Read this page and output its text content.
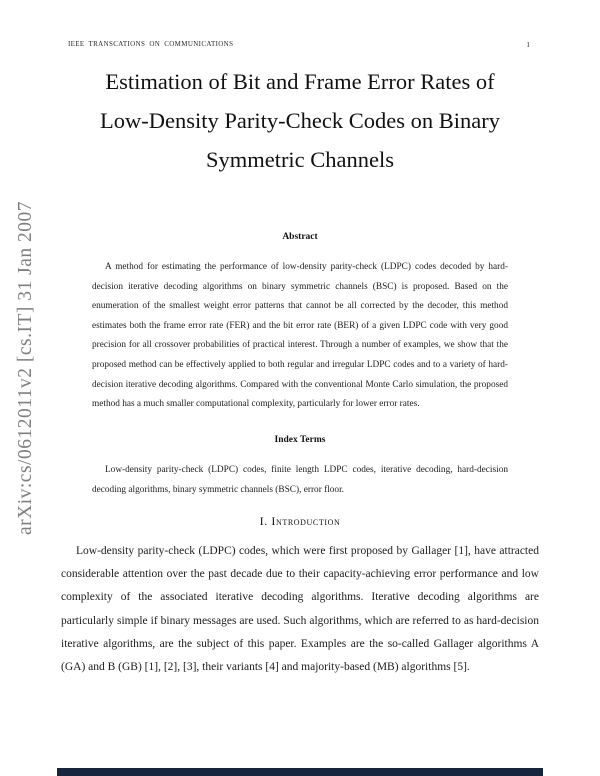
IEEE TRANSCATIONS ON COMMUNICATIONS	1
Estimation of Bit and Frame Error Rates of
Low-Density Parity-Check Codes on Binary
Symmetric Channels
arXiv:cs/0612011v2 [cs.IT] 31 Jan 2007	Abstract
A method for estimating the performance of low-density parity-check (LDPC) codes decoded by hard-decision iterative decoding algorithms on binary symmetric channels (BSC) is proposed. Based on the enumeration of the smallest weight error patterns that cannot be all corrected by the decoder, this method estimates both the frame error rate (FER) and the bit error rate (BER) of a given LDPC code with very good precision for all crossover probabilities of practical interest. Through a number of examples, we show that the proposed method can be effectively applied to both regular and irregular LDPC codes and to a variety of hard-decision iterative decoding algorithms. Compared with the conventional Monte Carlo simulation, the proposed method has a much smaller computational complexity, particularly for lower error rates.
Index Terms
Low-density parity-check (LDPC) codes, finite length LDPC codes, iterative decoding, hard-decision decoding algorithms, binary symmetric channels (BSC), error floor.
I. Introduction
Low-density parity-check (LDPC) codes, which were first proposed by Gallager [1], have attracted considerable attention over the past decade due to their capacity-achieving error performance and low complexity of the associated iterative decoding algorithms. Iterative decoding algorithms are particularly simple if binary messages are used. Such algorithms, which are referred to as hard-decision iterative algorithms, are the subject of this paper. Examples are the so-called Gallager algorithms A (GA) and B (GB) [1], [2], [3], their variants [4] and majority-based (MB) algorithms [5].
